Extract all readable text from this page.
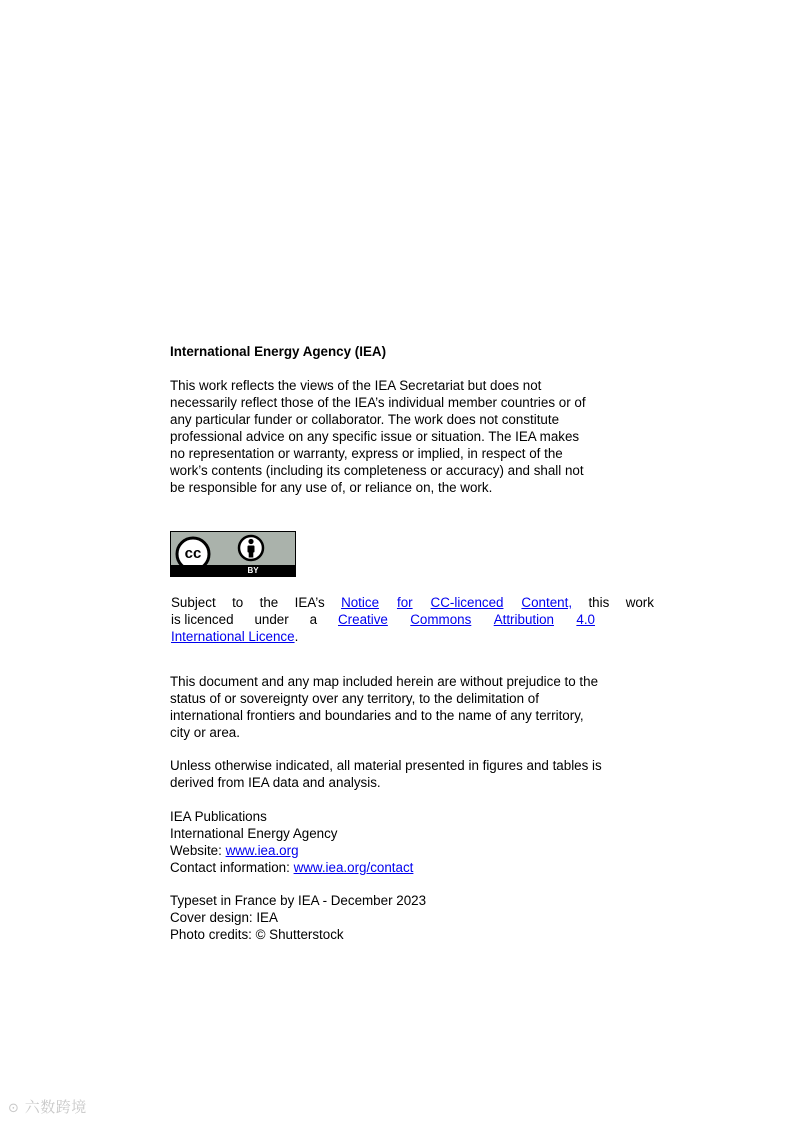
International Energy Agency (IEA)
This work reflects the views of the IEA Secretariat but does not
necessarily reflect those of the IEA’s individual member countries or of
any particular funder or collaborator. The work does not constitute
professional advice on any specific issue or situation. The IEA makes
no representation or warranty, express or implied, in respect of the
work’s contents (including its completeness or accuracy) and shall not
be responsible for any use of, or reliance on, the work.
cc
BY
Subject to the IEA’s Notice for CC-licenced Content, this work
is licenced under a Creative Commons Attribution 4.0
International Licence.
This document and any map included herein are without prejudice to the
status of or sovereignty over any territory, to the delimitation of
international frontiers and boundaries and to the name of any territory,
city or area.
Unless otherwise indicated, all material presented in figures and tables is
derived from IEA data and analysis.
IEA Publications
International Energy Agency
Website: www.iea.org
Contact information: www.iea.org/contact
Typeset in France by IEA - December 2023
Cover design: IEA
Photo credits: © Shutterstock
⊙ 六数跨境
